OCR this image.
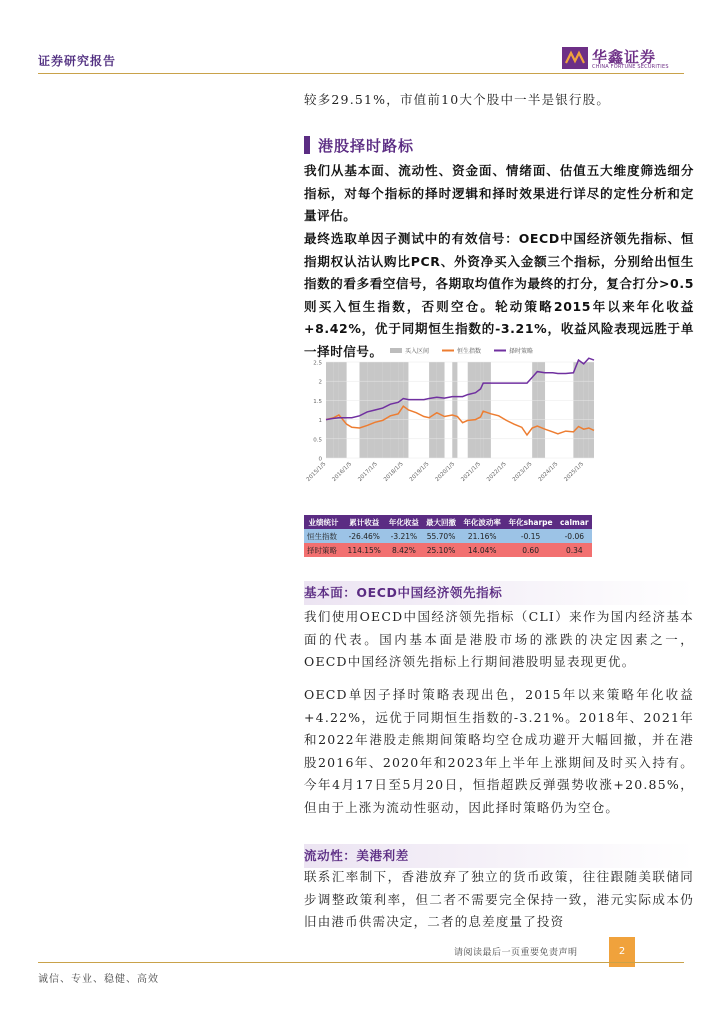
证券研究报告	华鑫证券
CHINA FORTUNE SECURITIES
较多29.51%，市值前10大个股中一半是银行股。
港股择时路标
我们从基本面、流动性、资金面、情绪面、估值五大维度筛选细分指标，对每个指标的择时逻辑和择时效果进行详尽的定性分析和定量评估。
最终选取单因子测试中的有效信号：OECD中国经济领先指标、恒指期权认沽认购比PCR、外资净买入金额三个指标，分别给出恒生指数的看多看空信号，各期取均值作为最终的打分，复合打分>0.5则买入恒生指数，否则空仓。轮动策略2015年以来年化收益+8.42%，优于同期恒生指数的-3.21%，收益风险表现远胜于单一择时信号。
0
0.5
1
1.5
2
2.5
2015/1/5 2016/1/5 2017/1/5 2018/1/5 2019/1/5 2020/1/5 2021/1/5 2022/1/5 2023/1/5 2024/1/5 2025/1/5
买入区间	恒生指数	择时策略
业绩统计	累计收益	年化收益	最大回撤	年化波动率	年化sharpe	calmar
恒生指数	-26.46%	-3.21%	55.70%	21.16%	-0.15	-0.06
择时策略	114.15%	8.42%	25.10%	14.04%	0.60	0.34
基本面：OECD中国经济领先指标
我们使用OECD中国经济领先指标（CLI）来作为国内经济基本面的代表。国内基本面是港股市场的涨跌的决定因素之一，OECD中国经济领先指标上行期间港股明显表现更优。
OECD单因子择时策略表现出色，2015年以来策略年化收益+4.22%，远优于同期恒生指数的-3.21%。2018年、2021年和2022年港股走熊期间策略均空仓成功避开大幅回撤，并在港股2016年、2020年和2023年上半年上涨期间及时买入持有。今年4月17日至5月20日，恒指超跌反弹强势收涨+20.85%，但由于上涨为流动性驱动，因此择时策略仍为空仓。
流动性：美港利差
联系汇率制下，香港放弃了独立的货币政策，往往跟随美联储同步调整政策利率，但二者不需要完全保持一致，港元实际成本仍旧由港币供需决定，二者的息差度量了投资
请阅读最后一页重要免责声明	2
诚信、专业、稳健、高效
